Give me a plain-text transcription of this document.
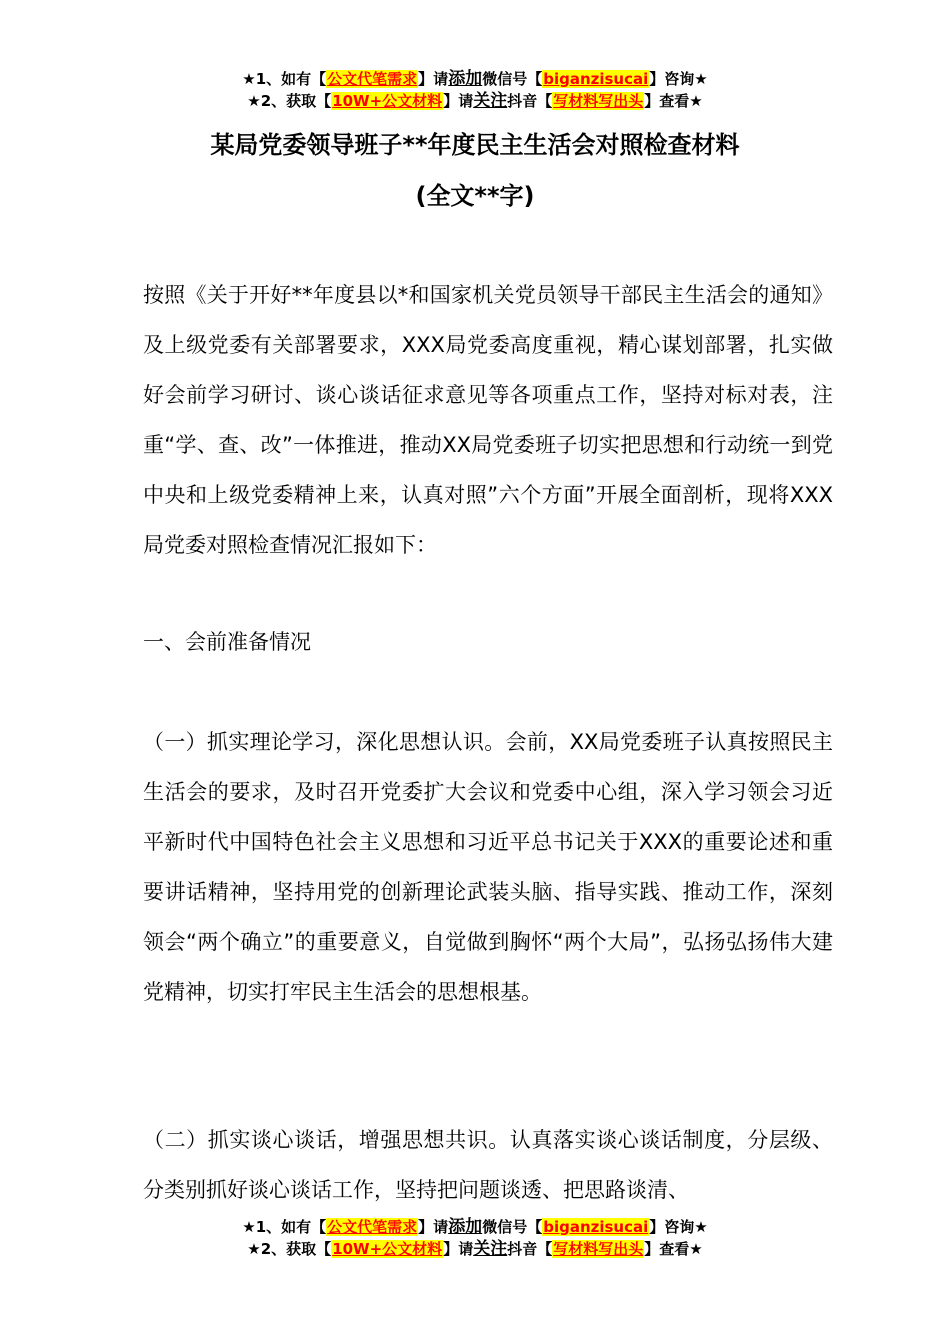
★1、如有【公文代笔需求】请添加微信号【biganzisucai】咨询★
★2、获取【10W+公文材料】请关注抖音【写材料写出头】查看★
某局党委领导班子**年度民主生活会对照检查材料
(全文**字)

按照《关于开好**年度县以*和国家机关党员领导干部民主生活会的通知》及上级党委有关部署要求，XXX局党委高度重视，精心谋划部署，扎实做好会前学习研讨、谈心谈话征求意见等各项重点工作，坚持对标对表，注重“学、查、改”一体推进，推动XX局党委班子切实把思想和行动统一到党中央和上级党委精神上来，认真对照”六个方面”开展全面剖析，现将XXX局党委对照检查情况汇报如下：

一、会前准备情况

（一）抓实理论学习，深化思想认识。会前，XX局党委班子认真按照民主生活会的要求，及时召开党委扩大会议和党委中心组，深入学习领会习近平新时代中国特色社会主义思想和习近平总书记关于XXX的重要论述和重要讲话精神，坚持用党的创新理论武装头脑、指导实践、推动工作，深刻领会“两个确立”的重要意义，自觉做到胸怀“两个大局”，弘扬弘扬伟大建党精神，切实打牢民主生活会的思想根基。

（二）抓实谈心谈话，增强思想共识。认真落实谈心谈话制度，分层级、分类别抓好谈心谈话工作，坚持把问题谈透、把思路谈清、

★1、如有【公文代笔需求】请添加微信号【biganzisucai】咨询★
★2、获取【10W+公文材料】请关注抖音【写材料写出头】查看★
